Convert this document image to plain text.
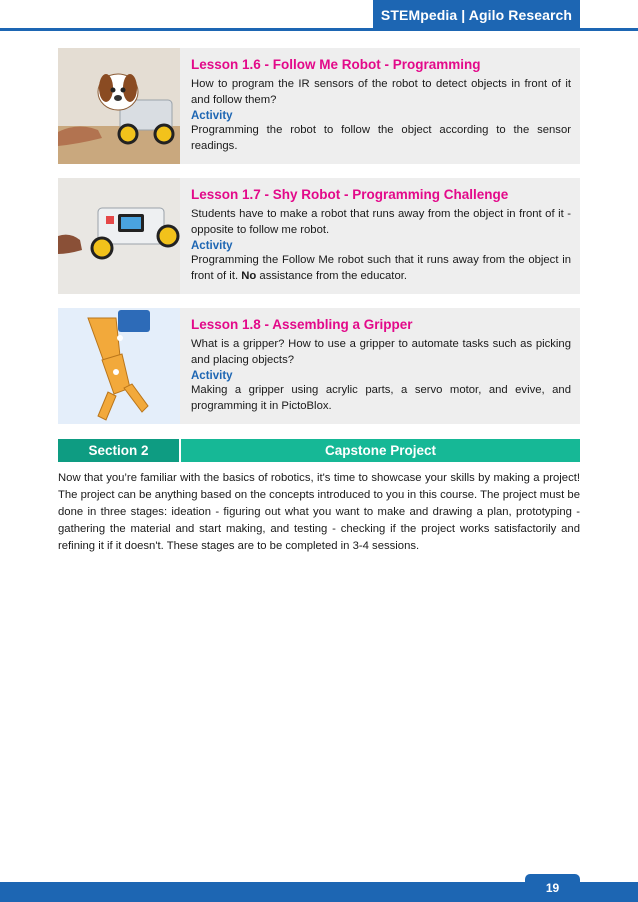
STEMpedia | Agilo Research

Lesson 1.6 - Follow Me Robot - Programming

How to program the IR sensors of the robot to detect objects in front of it and follow them?

Activity

Programming the robot to follow the object according to the sensor readings.

Lesson 1.7 - Shy Robot - Programming Challenge

Students have to make a robot that runs away from the object in front of it - opposite to follow me robot.

Activity

Programming the Follow Me robot such that it runs away from the object in front of it. No assistance from the educator.

Lesson 1.8 - Assembling a Gripper

What is a gripper? How to use a gripper to automate tasks such as picking and placing objects?

Activity

Making a gripper using acrylic parts, a servo motor, and evive, and programming it in PictoBlox.

Section 2	Capstone Project

Now that you’re familiar with the basics of robotics, it's time to showcase your skills by making a project! The project can be anything based on the concepts introduced to you in this course. The project must be done in three stages: ideation - figuring out what you want to make and drawing a plan, prototyping - gathering the material and start making, and testing - checking if the project works satisfactorily and refining it if it doesn't. These stages are to be completed in 3-4 sessions.

19
